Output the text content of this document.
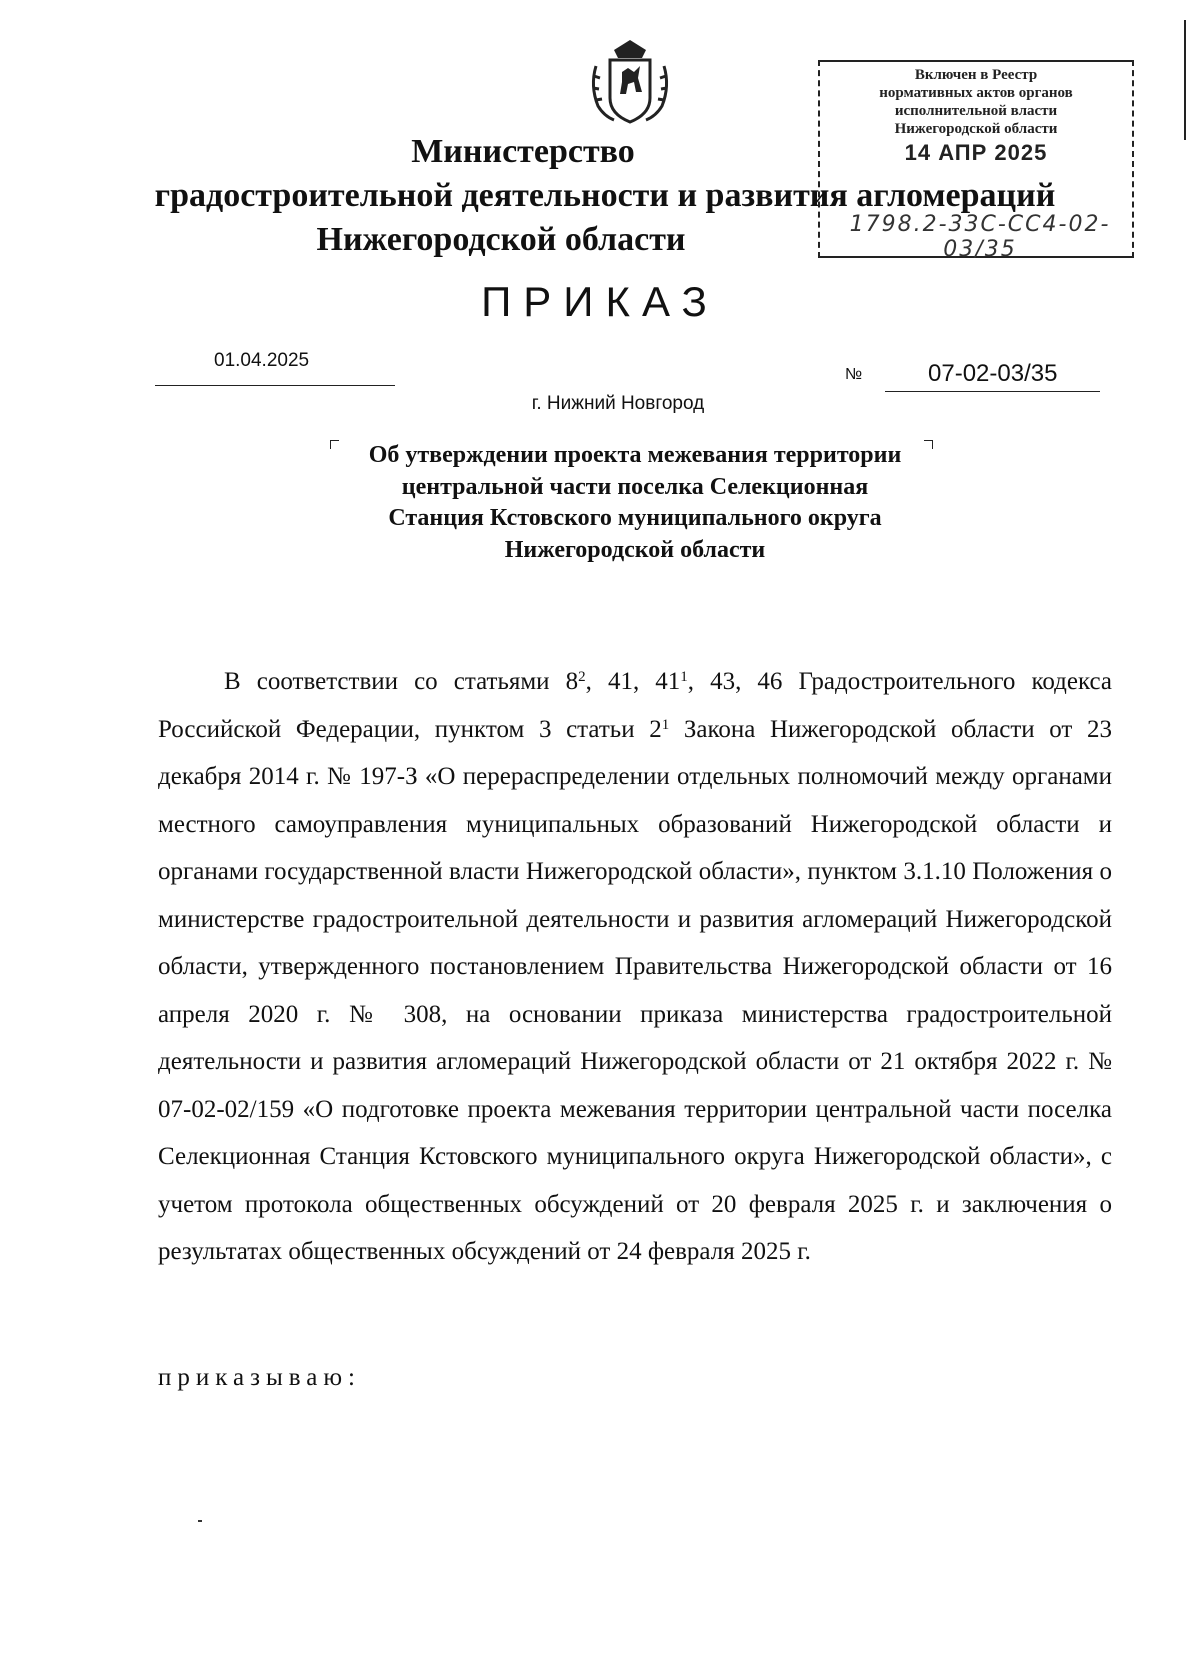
Министерство
градостроительной деятельности и развития агломераций
Нижегородской области
Включен в Реестр
нормативных актов органов
исполнительной власти
Нижегородской области
14 АПР 2025
1798.2-33С-СС4-02-03/35
ПРИКАЗ
01.04.2025
№	07-02-03/35
г. Нижний Новгород
Об утверждении проекта межевания территории центральной части поселка Селекционная Станция Кстовского муниципального округа Нижегородской области
В соответствии со статьями $8^2$, 41, $41^1$, 43, 46 Градостроительного кодекса Российской Федерации, пунктом 3 статьи $2^1$ Закона Нижегородской области от 23 декабря 2014 г. № 197-З «О перераспределении отдельных полномочий между органами местного самоуправления муниципальных образований Нижегородской области и органами государственной власти Нижегородской области», пунктом 3.1.10 Положения о министерстве градостроительной деятельности и развития агломераций Нижегородской области, утвержденного постановлением Правительства Нижегородской области от 16 апреля 2020 г. № 308, на основании приказа министерства градостроительной деятельности и развития агломераций Нижегородской области от 21 октября 2022 г. № 07-02-02/159 «О подготовке проекта межевания территории центральной части поселка Селекционная Станция Кстовского муниципального округа Нижегородской области», с учетом протокола общественных обсуждений от 20 февраля 2025 г. и заключения о результатах общественных обсуждений от 24 февраля 2025 г.
приказываю:
